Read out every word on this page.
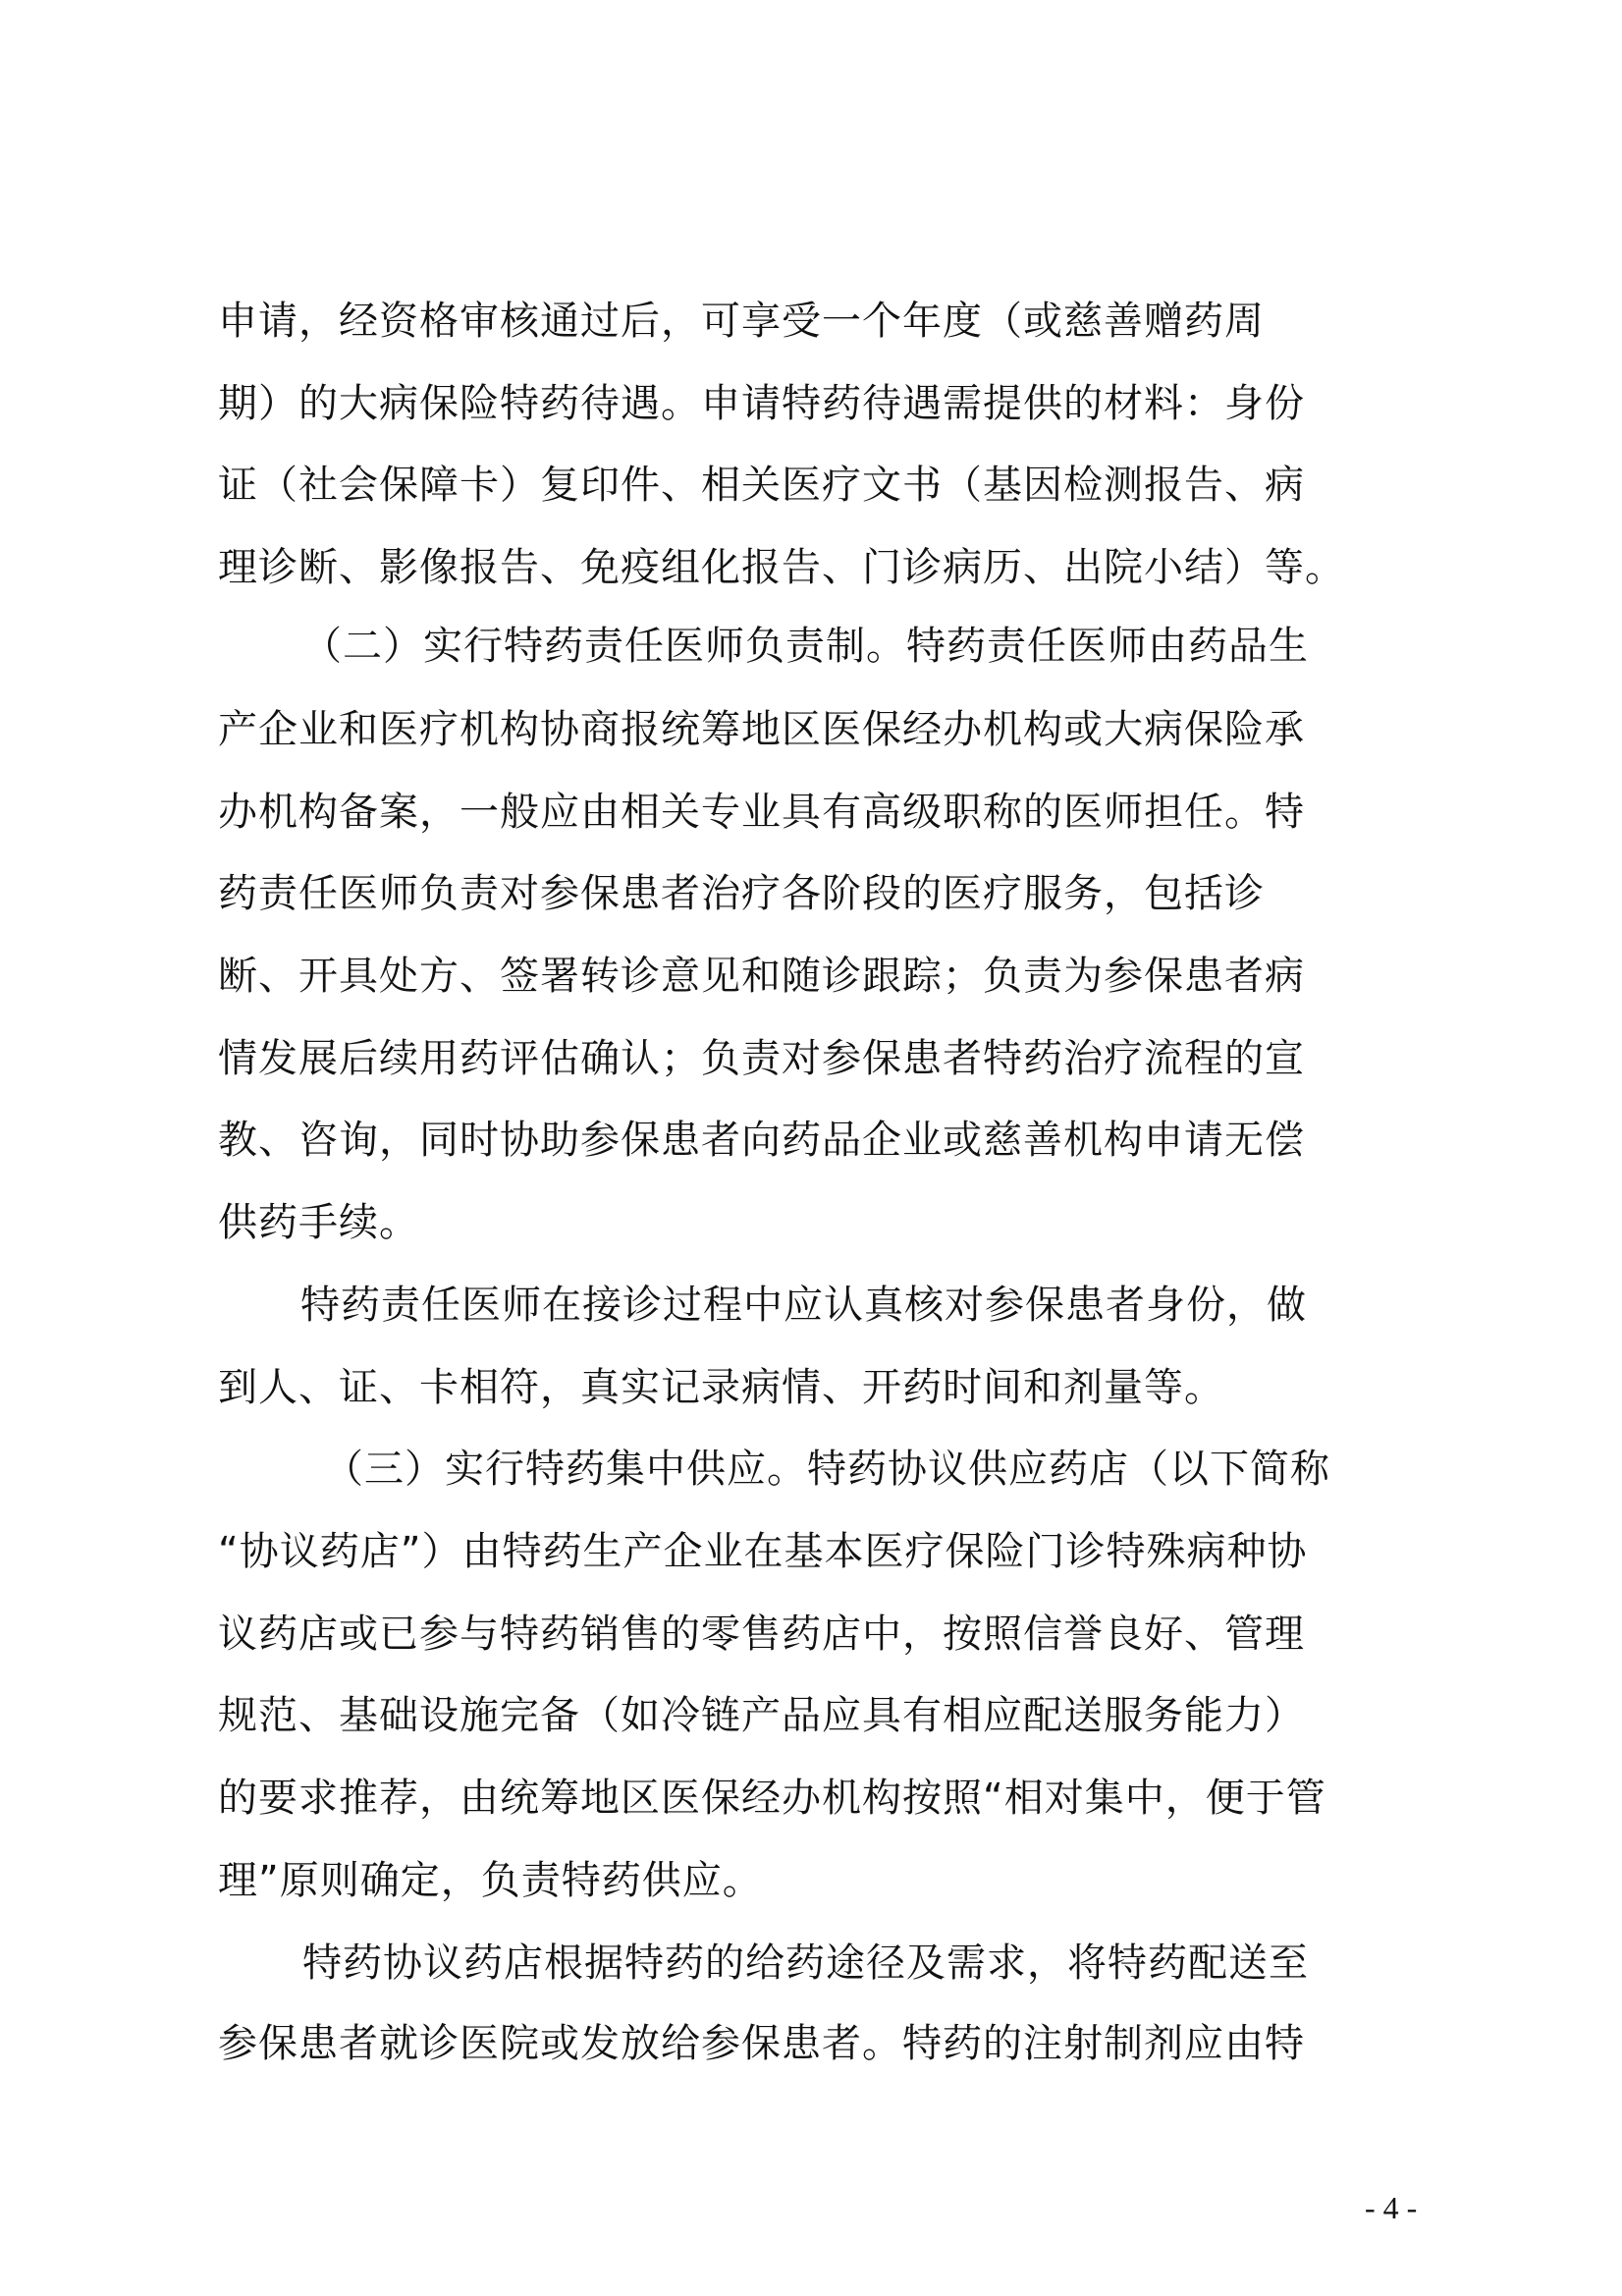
申请，经资格审核通过后，可享受一个年度（或慈善赠药周
期）的大病保险特药待遇。申请特药待遇需提供的材料：身份
证（社会保障卡）复印件、相关医疗文书（基因检测报告、病
理诊断、影像报告、免疫组化报告、门诊病历、出院小结）等。
（二）实行特药责任医师负责制。特药责任医师由药品生
产企业和医疗机构协商报统筹地区医保经办机构或大病保险承
办机构备案，一般应由相关专业具有高级职称的医师担任。特
药责任医师负责对参保患者治疗各阶段的医疗服务，包括诊
断、开具处方、签署转诊意见和随诊跟踪；负责为参保患者病
情发展后续用药评估确认；负责对参保患者特药治疗流程的宣
教、咨询，同时协助参保患者向药品企业或慈善机构申请无偿
供药手续。
特药责任医师在接诊过程中应认真核对参保患者身份，做
到人、证、卡相符，真实记录病情、开药时间和剂量等。
（三）实行特药集中供应。特药协议供应药店（以下简称
“协议药店”）由特药生产企业在基本医疗保险门诊特殊病种协
议药店或已参与特药销售的零售药店中，按照信誉良好、管理
规范、基础设施完备（如冷链产品应具有相应配送服务能力）
的要求推荐，由统筹地区医保经办机构按照“相对集中，便于管
理”原则确定，负责特药供应。
特药协议药店根据特药的给药途径及需求，将特药配送至
参保患者就诊医院或发放给参保患者。特药的注射制剂应由特
- 4 -
